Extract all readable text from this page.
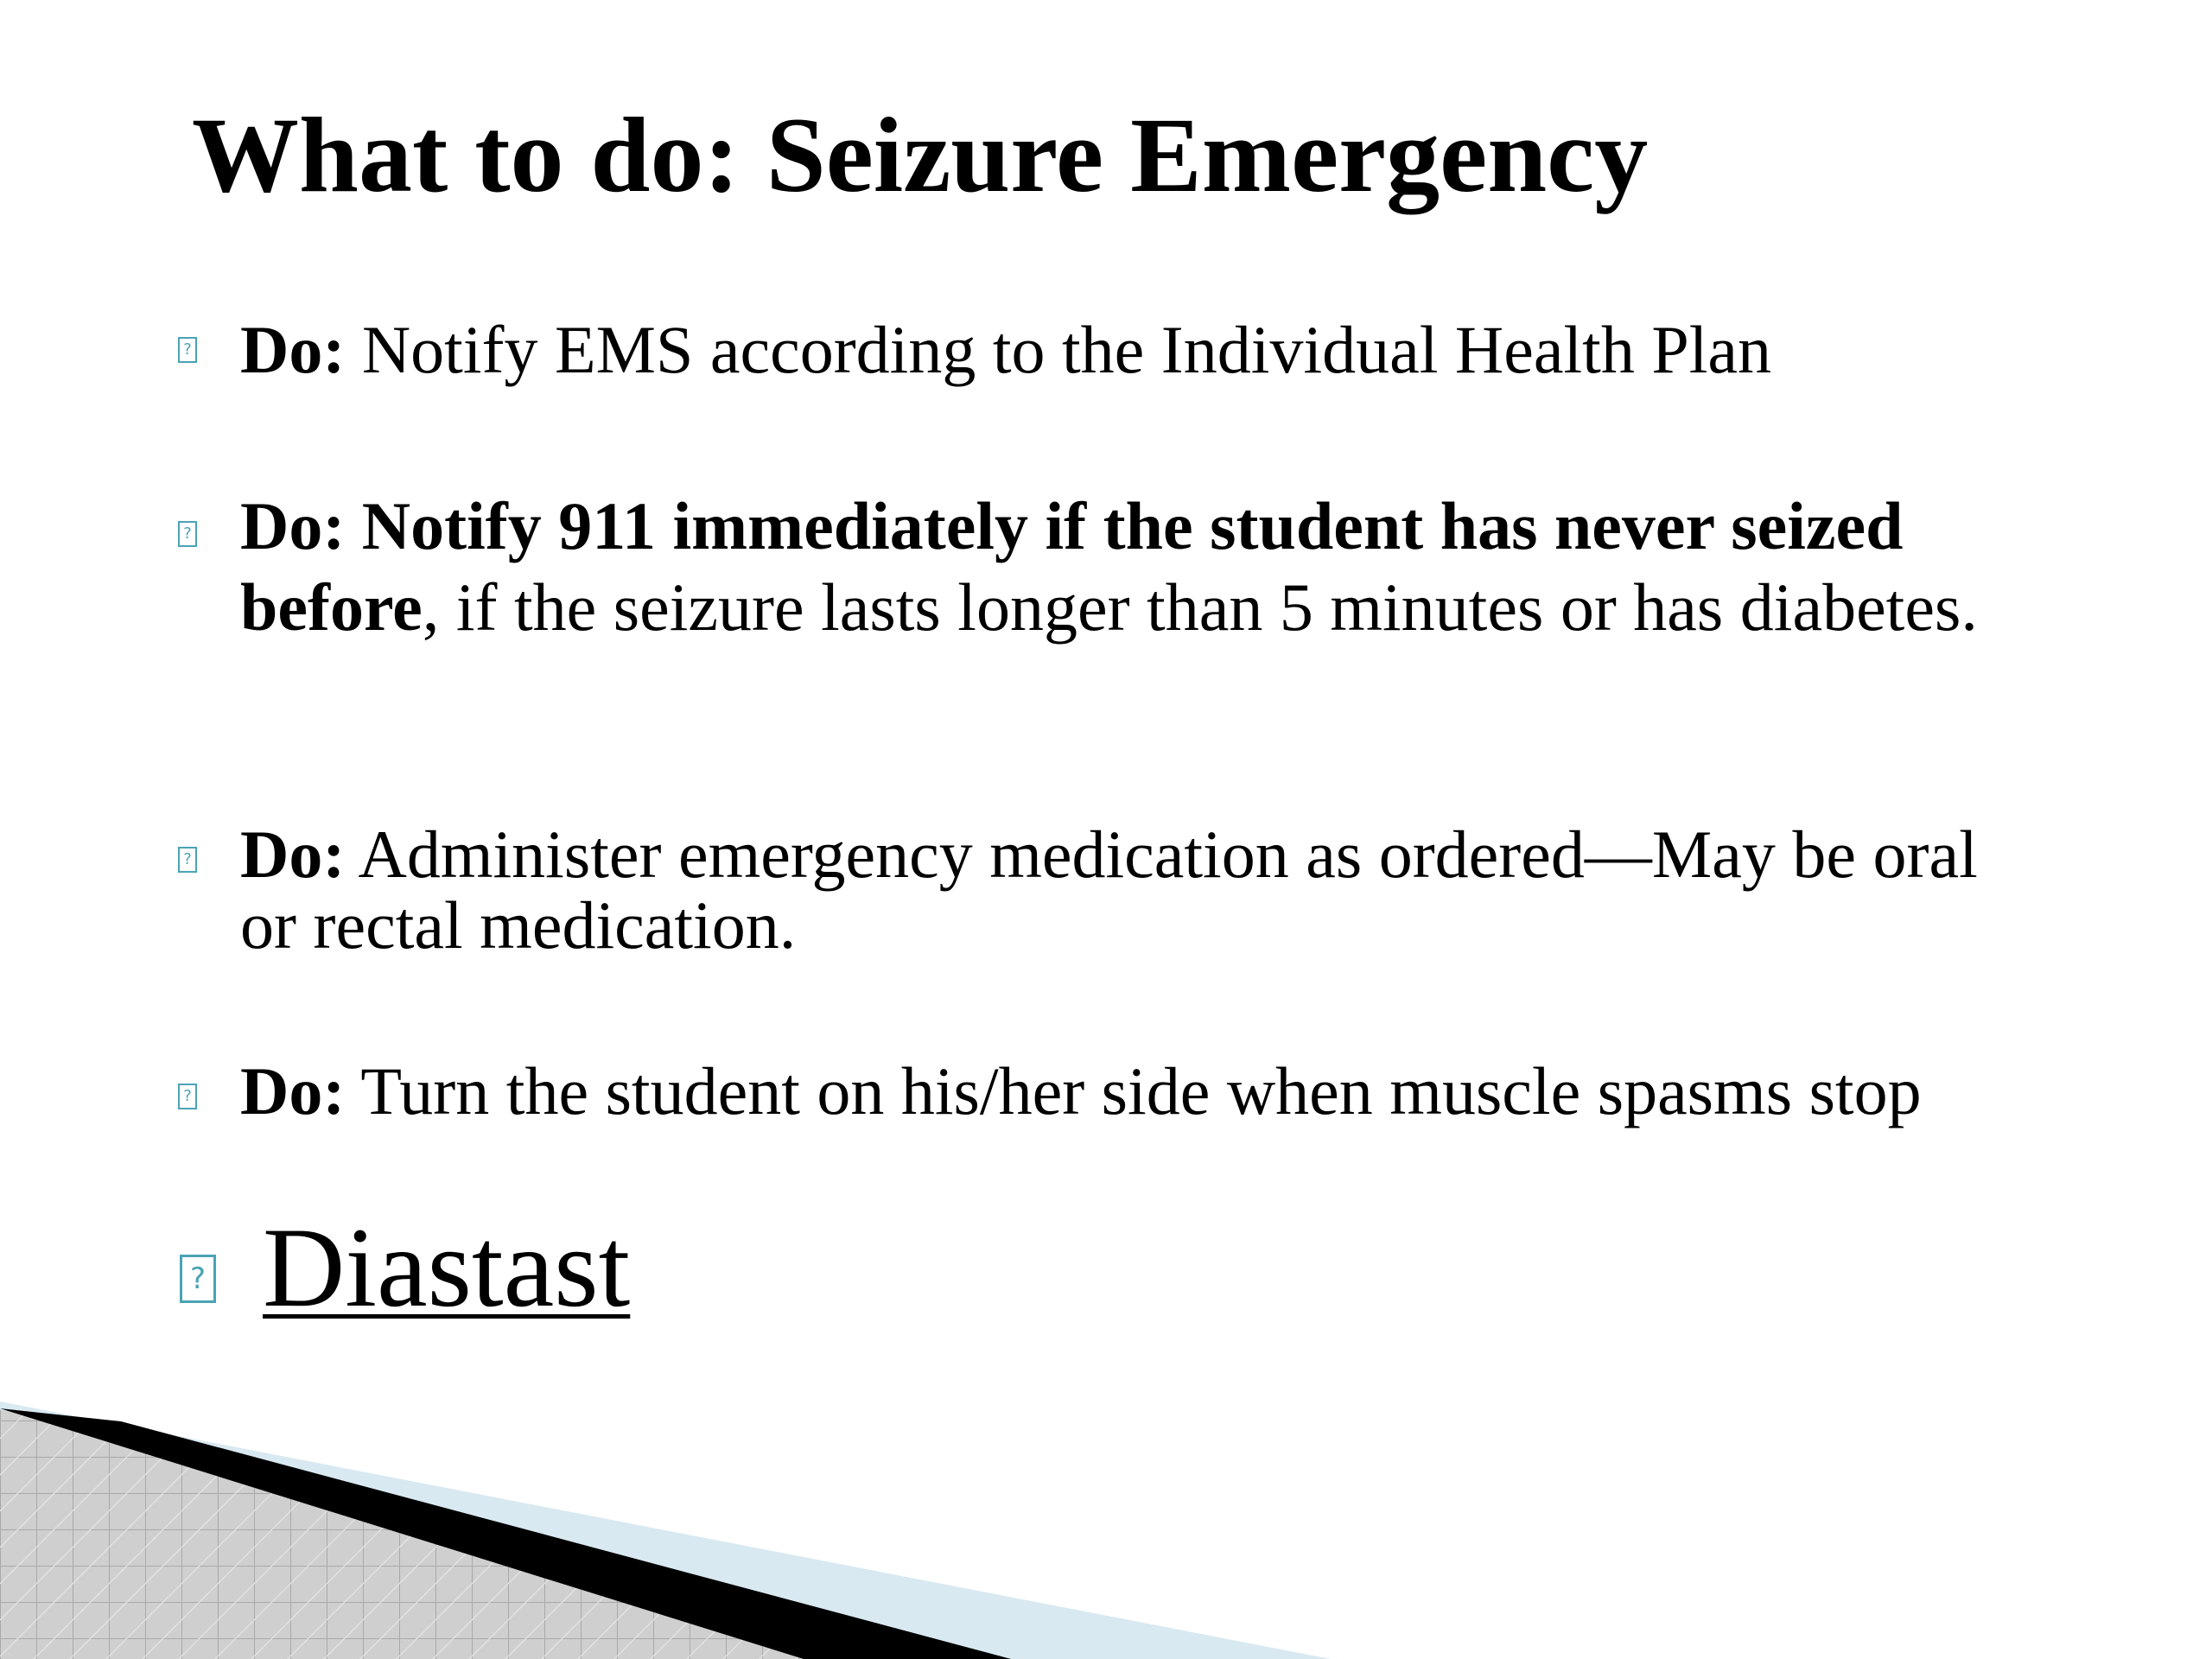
What to do: Seizure Emergency
? Do: Notify EMS according to the Individual Health Plan
? Do: Notify 911 immediately if the student has never seized before, if the seizure lasts longer than 5 minutes or has diabetes.
? Do: Administer emergency medication as ordered—May be oral or rectal medication.
? Do: Turn the student on his/her side when muscle spasms stop
? Diastast
